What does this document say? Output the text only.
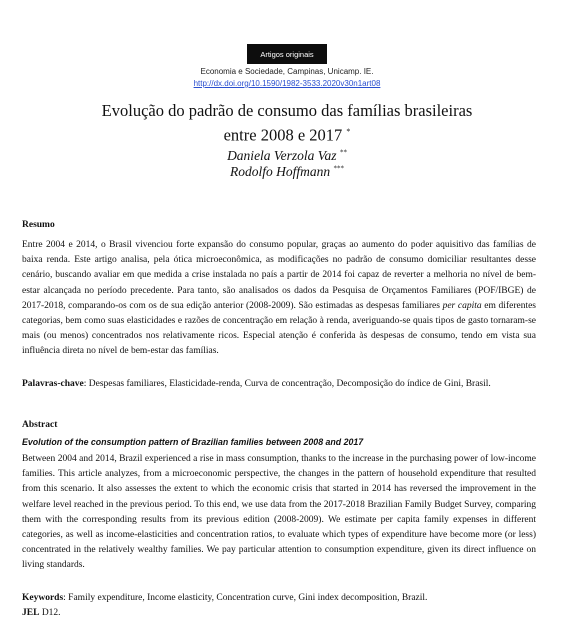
Artigos originais
Economia e Sociedade, Campinas, Unicamp. IE.
http://dx.doi.org/10.1590/1982-3533.2020v30n1art08
Evolução do padrão de consumo das famílias brasileiras
entre 2008 e 2017 *
Daniela Verzola Vaz **
Rodolfo Hoffmann ***
Resumo

Entre 2004 e 2014, o Brasil vivenciou forte expansão do consumo popular, graças ao aumento do poder aquisitivo das famílias de baixa renda. Este artigo analisa, pela ótica microeconômica, as modificações no padrão de consumo domiciliar resultantes desse cenário, buscando avaliar em que medida a crise instalada no país a partir de 2014 foi capaz de reverter a melhoria no nível de bem-estar alcançada no período precedente. Para tanto, são analisados os dados da Pesquisa de Orçamentos Familiares (POF/IBGE) de 2017-2018, comparando-os com os de sua edição anterior (2008-2009). São estimadas as despesas familiares per capita em diferentes categorias, bem como suas elasticidades e razões de concentração em relação à renda, averiguando-se quais tipos de gasto tornaram-se mais (ou menos) concentrados nos relativamente ricos. Especial atenção é conferida às despesas de consumo, tendo em vista sua influência direta no nível de bem-estar das famílias.

Palavras-chave: Despesas familiares, Elasticidade-renda, Curva de concentração, Decomposição do índice de Gini, Brasil.

Abstract
Evolution of the consumption pattern of Brazilian families between 2008 and 2017

Between 2004 and 2014, Brazil experienced a rise in mass consumption, thanks to the increase in the purchasing power of low-income families. This article analyzes, from a microeconomic perspective, the changes in the pattern of household expenditure that resulted from this scenario. It also assesses the extent to which the economic crisis that started in 2014 has reversed the improvement in the welfare level reached in the previous period. To this end, we use data from the 2017-2018 Brazilian Family Budget Survey, comparing them with the corresponding results from its previous edition (2008-2009). We estimate per capita family expenses in different categories, as well as income-elasticities and concentration ratios, to evaluate which types of expenditure have become more (or less) concentrated in the relatively wealthy families. We pay particular attention to consumption expenditure, given its direct influence on living standards.

Keywords: Family expenditure, Income elasticity, Concentration curve, Gini index decomposition, Brazil.

JEL D12.
